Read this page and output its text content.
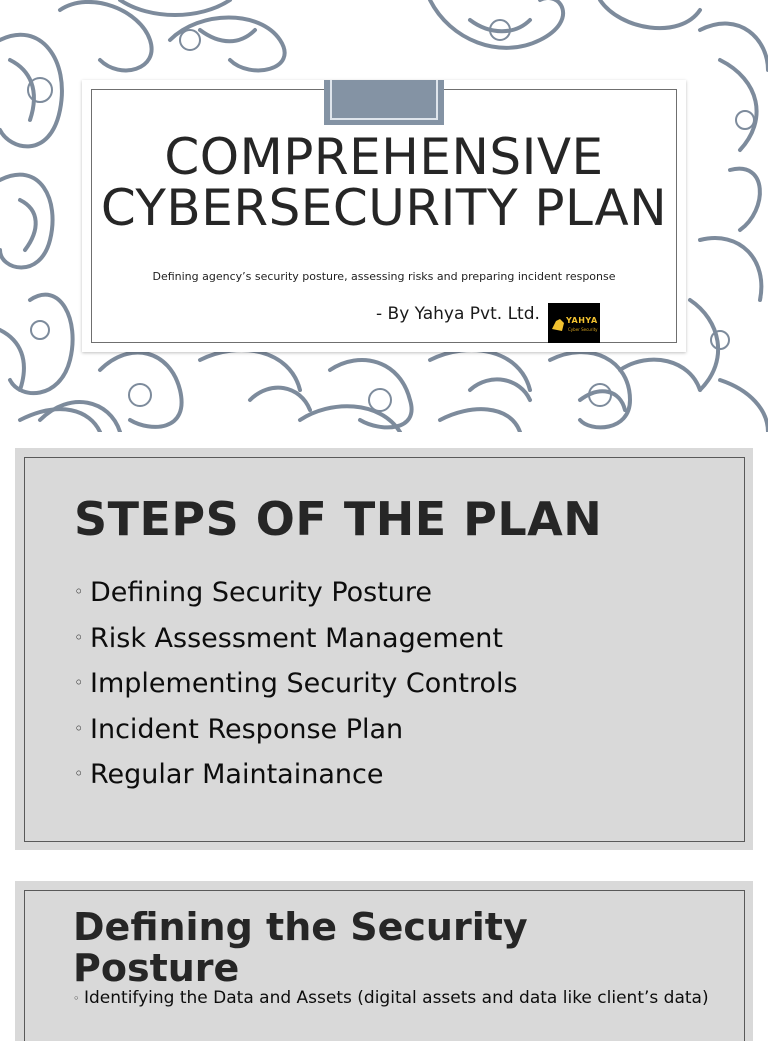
COMPREHENSIVE CYBERSECURITY PLAN
Defining agency’s security posture, assessing risks and preparing incident response
- By Yahya Pvt. Ltd.	YAHYA
Cyber Security
STEPS OF THE PLAN
◦ Defining Security Posture
◦ Risk Assessment Management
◦ Implementing Security Controls
◦ Incident Response Plan
◦ Regular Maintainance
Defining the Security Posture
◦ Identifying the Data and Assets (digital assets and data like client’s data)
